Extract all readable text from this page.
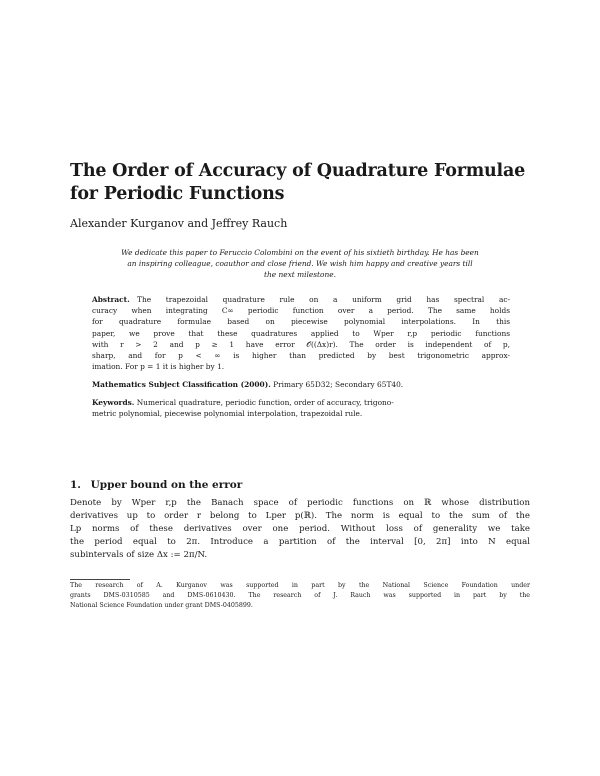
The Order of Accuracy of Quadrature Formulae
for Periodic Functions
Alexander Kurganov and Jeffrey Rauch
We dedicate this paper to Feruccio Colombini on the event of his sixtieth birthday. He has been
an inspiring colleague, coauthor and close friend. We wish him happy and creative years till
the next milestone.
Abstract.  The trapezoidal quadrature rule on a uniform grid has spectral ac-
curacy when integrating C∞ periodic function over a period. The same holds
for quadrature formulae based on piecewise polynomial interpolations. In this
paper, we prove that these quadratures applied to Wper r,p periodic functions
with r > 2 and p ≥ 1 have error 𝒪((Δx)r). The order is independent of p,
sharp, and for p < ∞ is higher than predicted by best trigonometric approx-
imation. For p = 1 it is higher by 1.
Mathematics Subject Classification (2000). Primary 65D32; Secondary 65T40.
Keywords. Numerical quadrature, periodic function, order of accuracy, trigono-
metric polynomial, piecewise polynomial interpolation, trapezoidal rule.
1. Upper bound on the error
Denote by Wper r,p the Banach space of periodic functions on ℝ whose distribution
derivatives up to order r belong to Lper p(ℝ). The norm is equal to the sum of the
Lp norms of these derivatives over one period. Without loss of generality we take
the period equal to 2π. Introduce a partition of the interval [0, 2π] into N equal
subintervals of size Δx := 2π/N.
The research of A. Kurganov was supported in part by the National Science Foundation under
grants DMS-0310585 and DMS-0610430. The research of J. Rauch was supported in part by the
National Science Foundation under grant DMS-0405899.
